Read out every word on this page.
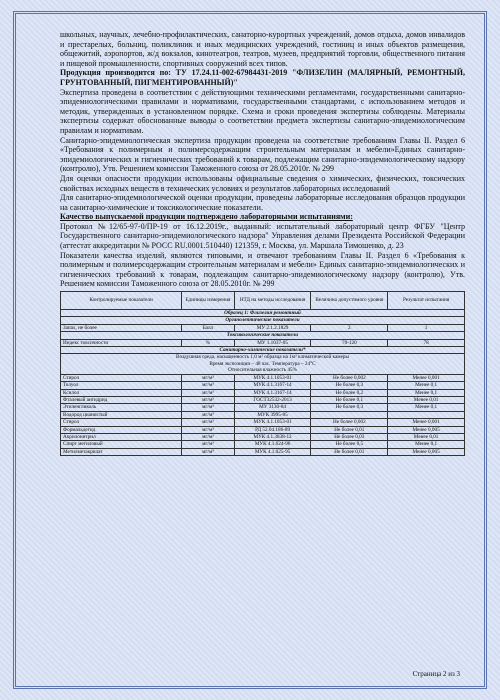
школьных, научных, лечебно-профилактических, санаторно-курортных учреждений, домов отдыха, домов инвалидов и престарелых, больниц, поликлиник и иных медицинских учреждений, гостиниц и иных объектов размещения, общежитий, аэропортов, ж/д вокзалов, кинотеатров, театров, музеев, предприятий торговли, общественного питания и пищевой промышленности, спортивных сооружений всех типов.

Продукция производится по: ТУ 17.24.11-002-67984431-2019 "ФЛИЗЕЛИН (МАЛЯРНЫЙ, РЕМОНТНЫЙ, ГРУНТОВАННЫЙ, ПИГМЕНТИРОВАННЫЙ)"

Экспертиза проведена в соответствии с действующими техническими регламентами, государственными санитарно-эпидемиологическими правилами и нормативами, государственными стандартами, с использованием методов и методик, утвержденных в установленном порядке. Схема и сроки проведения экспертизы соблюдены. Материалы экспертизы содержат обоснованные выводы о соответствии предмета экспертизы санитарно-эпидемиологическим правилам и нормативам.

Санитарно-эпидемиологическая экспертиза продукции проведена на соответствие требованиям Главы II. Раздел 6 «Требования к полимерным и полимерсодержащим строительным материалам и мебели»Единых санитарно-эпидемиологических и гигиенических требований к товарам, подлежащим санитарно-эпидемиологическому надзору (контролю), Утв. Решением комиссии Таможенного союза от 28.05.2010г. № 299

Для оценки опасности продукции использованы официальные сведения о химических, физических, токсических свойствах исходных веществ в технических условиях и результатов лабораторных исследований

Для санитарно-эпидемиологической оценки продукции, проведены лабораторные исследования образцов продукции на санитарно-химические и токсикологические показатели.

Качество выпускаемой продукции подтверждено лабораторными испытаниями:

Протокол №12/65-97-0/ПР-19 от 16.12.2019г., выданный: испытательный лабораторный центр ФГБУ "Центр Государственного санитарно-эпидемиологического надзора" Управления делами Президента Российской Федерации (аттестат аккредитации № РОСС RU.0001.510440) 121359, г. Москва, ул. Маршала Тимошенко, д. 23

Показатели качества изделий, являются типовыми, и отвечают требованиям Главы II. Раздел 6 «Требования к полимерным и полимерсодержащим строительным материалам и мебели» Единых санитарно-эпидемиологических и гигиенических требований к товарам, подлежащим санитарно-эпидемиологическому надзору (контролю), Утв. Решением комиссии Таможенного союза от 28.05.2010г. № 299

Контролируемые показатели	Единицы измерения	НТД на методы исследования	Величина допустимого уровня	Результат испытания
Образец 1: Флизелин ремонтный				
Органолептические показатели				
Запах, не более	Балл	МУ 2.1.2.1829	2	1
Токсикологические показатели				
Индекс токсичности	%	МУ 1.1037-05	70-120	78
Санитарно-химические показатели*				
Воздушная среда, насыщенность 1,0 м² образца на 1м³ климатической камеры
Время экспозиции – 48 час. Температура – 24°С
Относительная влажность 45%				
Стирол	мг/м³	МУК 4.1.1053-01	Не более 0,002	Менее 0,001
Толуол	мг/м³	МУК 4.1.3167-14	Не более 0,3	Менее 0,1
Ксилол	мг/м³	МУК 4.1.3167-14	Не более 0,2	Менее 0,1
Фталевый ангидрид	мг/м³	ГОСТ32532-2013	Не более 0,1	Менее 0,01
Этиленгликоль	мг/м³	МУ 3130-84	Не более 0,3	Менее 0,1
Водород цианистый	мг/м³	МУК 3995-85		
Стирол	мг/м³	МУК 4.1.1053-01	Не более 0,002	Менее 0,001
Формальдегид	мг/м³	РД 52.04.186-89	Не более 0,01	Менее 0,005
Акрилонитрил	мг/м³	МУК 4.1.3038-12	Не более 0,03	Менее 0,01
Спирт метиловый	мг/м³	МУК 4.1.624-96	Не более 0,5	Менее 0,1
Метилметакрилат	мг/м³	МУК 4.1.025-95	Не более 0,01	Менее 0,005
Страница 2 из 3
